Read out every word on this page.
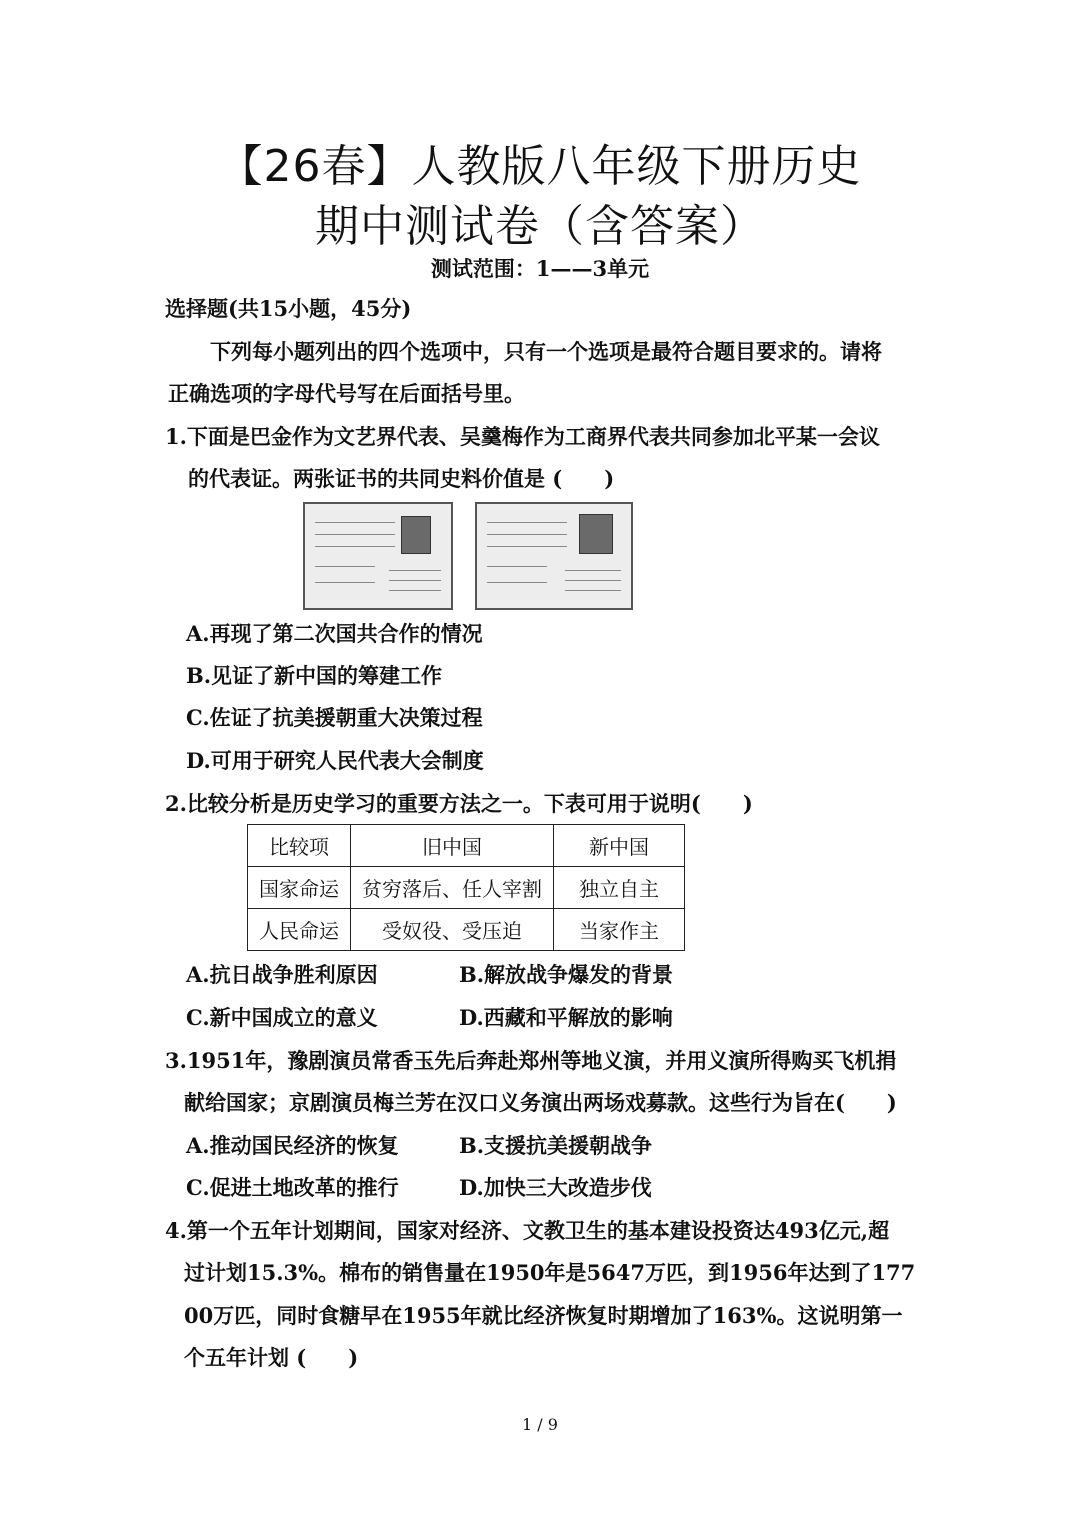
【26春】人教版八年级下册历史
期中测试卷（含答案）
测试范围：1——3单元
选择题(共15小题，45分)
下列每小题列出的四个选项中，只有一个选项是最符合题目要求的。请将
正确选项的字母代号写在后面括号里。
1.下面是巴金作为文艺界代表、吴羹梅作为工商界代表共同参加北平某一会议
的代表证。两张证书的共同史料价值是 (　　)
A.再现了第二次国共合作的情况
B.见证了新中国的筹建工作
C.佐证了抗美援朝重大决策过程
D.可用于研究人民代表大会制度
2.比较分析是历史学习的重要方法之一。下表可用于说明(　　)
比较项	旧中国	新中国
国家命运	贫穷落后、任人宰割	独立自主
人民命运	受奴役、受压迫	当家作主
A.抗日战争胜利原因	B.解放战争爆发的背景
C.新中国成立的意义	D.西藏和平解放的影响
3.1951年，豫剧演员常香玉先后奔赴郑州等地义演，并用义演所得购买飞机捐
献给国家；京剧演员梅兰芳在汉口义务演出两场戏募款。这些行为旨在(　　)
A.推动国民经济的恢复	B.支援抗美援朝战争
C.促进土地改革的推行	D.加快三大改造步伐
4.第一个五年计划期间，国家对经济、文教卫生的基本建设投资达493亿元,超
过计划15.3%。棉布的销售量在1950年是5647万匹，到1956年达到了177
00万匹，同时食糖早在1955年就比经济恢复时期增加了163%。这说明第一
个五年计划 (　　)
1 / 9
